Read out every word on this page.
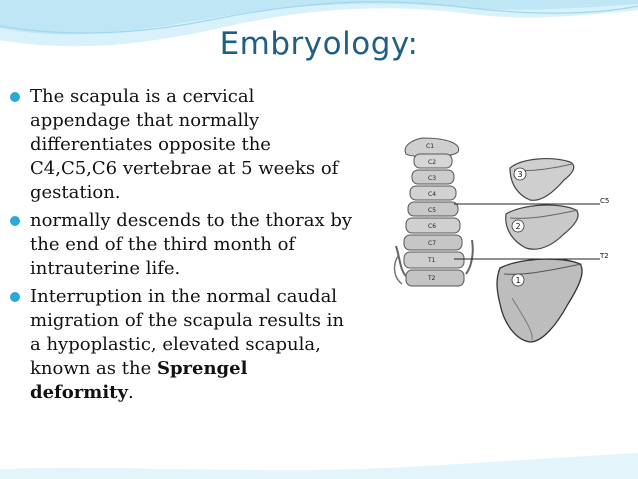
Embryology:
The scapula is a cervical appendage that normally differentiates opposite the C4,C5,C6 vertebrae at 5 weeks of gestation.
normally descends to the thorax by the end of the third month of intrauterine life.
Interruption in the normal caudal migration of the scapula results in a hypoplastic, elevated scapula, known as the Sprengel deformity.
C1
C2
C3
C4
C5
C6
C7
T1
T2
C5
T2
3
2
1
